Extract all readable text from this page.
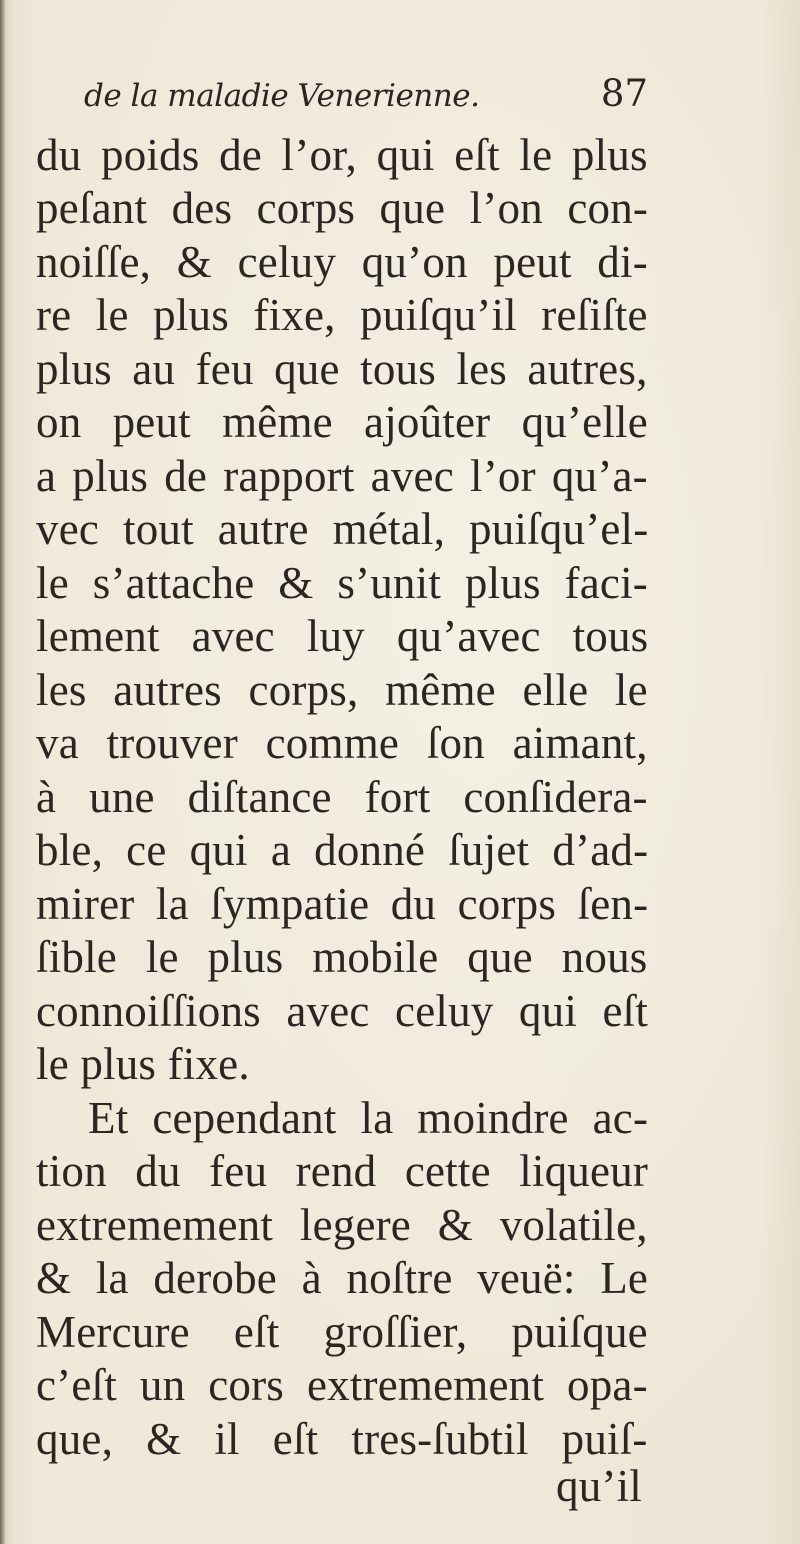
de la maladie Venerienne.	87
du poids de l’or, qui eſt le plus
peſant des corps que l’on con-
noiſſe, & celuy qu’on peut di-
re le plus fixe, puiſqu’il reſiſte
plus au feu que tous les autres,
on peut même ajoûter qu’elle
a plus de rapport avec l’or qu’a-
vec tout autre métal, puiſqu’el-
le s’attache & s’unit plus faci-
lement avec luy qu’avec tous
les autres corps, même elle le
va trouver comme ſon aimant,
à une diſtance fort conſidera-
ble, ce qui a donné ſujet d’ad-
mirer la ſympatie du corps ſen-
ſible le plus mobile que nous
connoiſſions avec celuy qui eſt
le plus fixe.
Et cependant la moindre ac-
tion du feu rend cette liqueur
extremement legere & volatile,
& la derobe à noſtre veuë: Le
Mercure eſt groſſier, puiſque
c’eſt un cors extremement opa-
que, & il eſt tres-ſubtil puiſ-
qu’il
